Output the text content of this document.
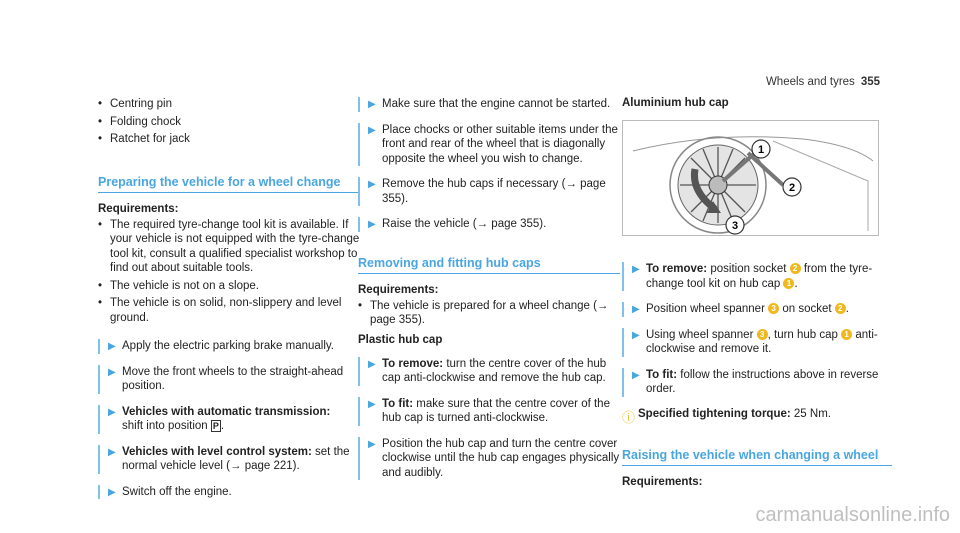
Wheels and tyres 355
• Centring pin
• Folding chock
• Ratchet for jack
Preparing the vehicle for a wheel change
Requirements:
• The required tyre-change tool kit is available. If your vehicle is not equipped with the tyre-change tool kit, consult a qualified specialist workshop to find out about suitable tools.
• The vehicle is not on a slope.
• The vehicle is on solid, non-slippery and level ground.
▶ Apply the electric parking brake manually.
▶ Move the front wheels to the straight-ahead position.
▶ Vehicles with automatic transmission:
shift into position P .
▶ Vehicles with level control system: set the normal vehicle level (→ page 221).
▶ Switch off the engine.
▶ Make sure that the engine cannot be started.
▶ Place chocks or other suitable items under the front and rear of the wheel that is diagonally opposite the wheel you wish to change.
▶ Remove the hub caps if necessary (→ page 355).
▶ Raise the vehicle (→ page 355).
Removing and fitting hub caps
Requirements:
• The vehicle is prepared for a wheel change (→ page 355).
Plastic hub cap
▶ To remove: turn the centre cover of the hub cap anti-clockwise and remove the hub cap.
▶ To fit: make sure that the centre cover of the hub cap is turned anti-clockwise.
▶ Position the hub cap and turn the centre cover clockwise until the hub cap engages physically and audibly.
Aluminium hub cap
1
2
3
▶ To remove: position socket 2 from the tyre-change tool kit on hub cap 1 .
▶ Position wheel spanner 3 on socket 2 .
▶ Using wheel spanner 3 , turn hub cap 1 anti-clockwise and remove it.
▶ To fit: follow the instructions above in reverse order.
ⓘ Specified tightening torque: 25 Nm.
Raising the vehicle when changing a wheel
Requirements:
carmanualsonline.info
